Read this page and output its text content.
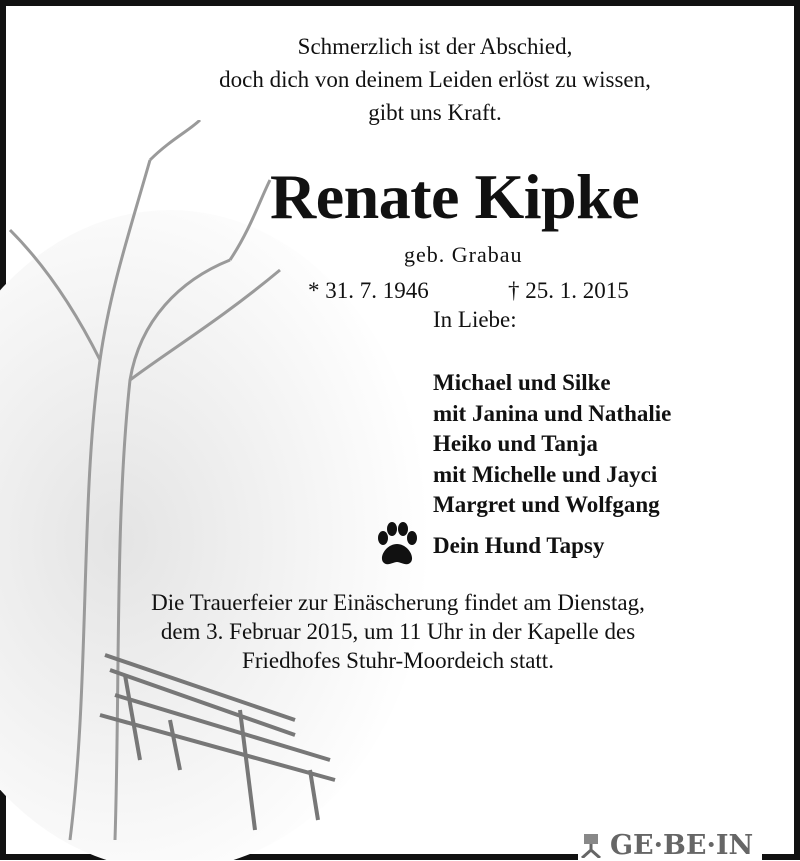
Schmerzlich ist der Abschied,
doch dich von deinem Leiden erlöst zu wissen,
gibt uns Kraft.
Renate Kipke
geb. Grabau
* 31. 7. 1946	† 25. 1. 2015
In Liebe:
Michael und Silke
mit Janina und Nathalie
Heiko und Tanja
mit Michelle und Jayci
Margret und Wolfgang
Dein Hund Tapsy
Die Trauerfeier zur Einäscherung findet am Dienstag,
dem 3. Februar 2015, um 11 Uhr in der Kapelle des
Friedhofes Stuhr-Moordeich statt.
GE·BE·IN
